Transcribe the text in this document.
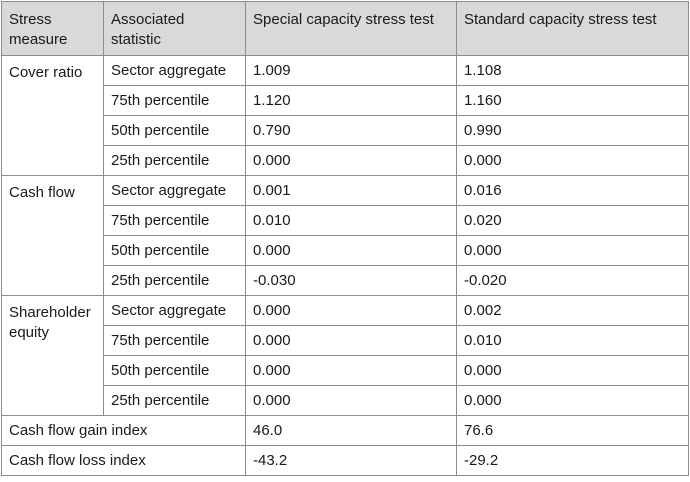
Stress measure	Associated statistic	Special capacity stress test	Standard capacity stress test
Cover ratio	Sector aggregate	1.009	1.108
	75th percentile	1.120	1.160
	50th percentile	0.790	0.990
	25th percentile	0.000	0.000
Cash flow	Sector aggregate	0.001	0.016
	75th percentile	0.010	0.020
	50th percentile	0.000	0.000
	25th percentile	-0.030	-0.020
Shareholder equity	Sector aggregate	0.000	0.002
	75th percentile	0.000	0.010
	50th percentile	0.000	0.000
	25th percentile	0.000	0.000
Cash flow gain index		46.0	76.6
Cash flow loss index		-43.2	-29.2
